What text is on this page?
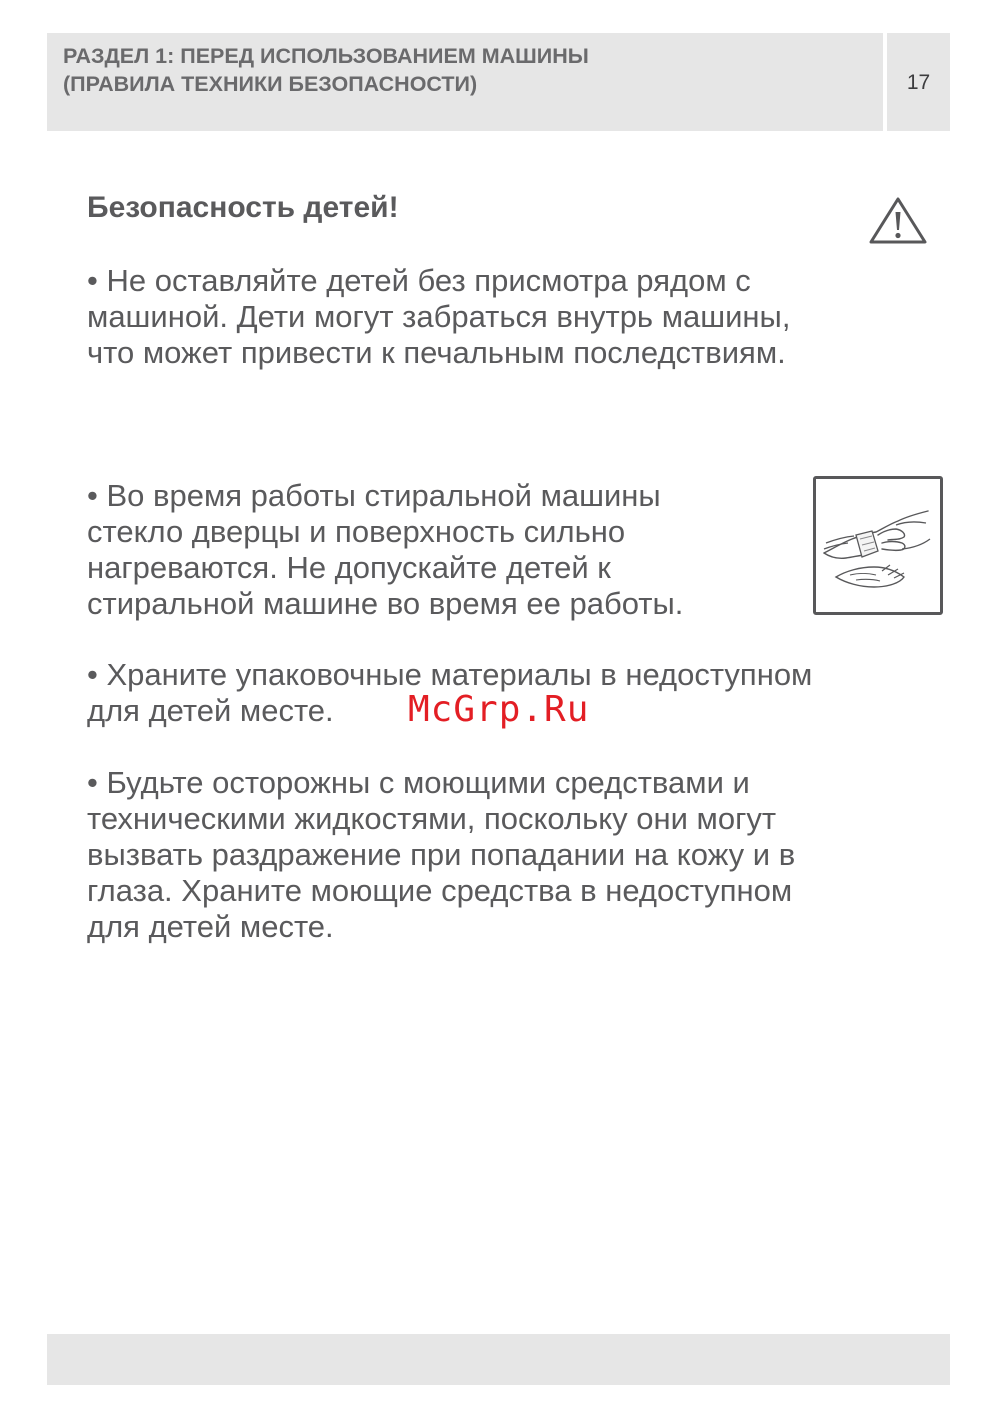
РАЗДЕЛ 1: ПЕРЕД ИСПОЛЬЗОВАНИЕМ МАШИНЫ
(ПРАВИЛА ТЕХНИКИ БЕЗОПАСНОСТИ)	17
Безопасность детей!

• Не оставляйте детей без присмотра рядом с
машиной. Дети могут забраться внутрь машины,
что может привести к печальным последствиям.

• Во время работы стиральной машины
стекло дверцы и поверхность сильно
нагреваются. Не допускайте детей к
стиральной машине во время ее работы.

• Храните упаковочные материалы в недоступном
для детей месте.	McGrp.Ru

• Будьте осторожны с моющими средствами и
техническими жидкостями, поскольку они могут
вызвать раздражение при попадании на кожу и в
глаза. Храните моющие средства в недоступном
для детей месте.
